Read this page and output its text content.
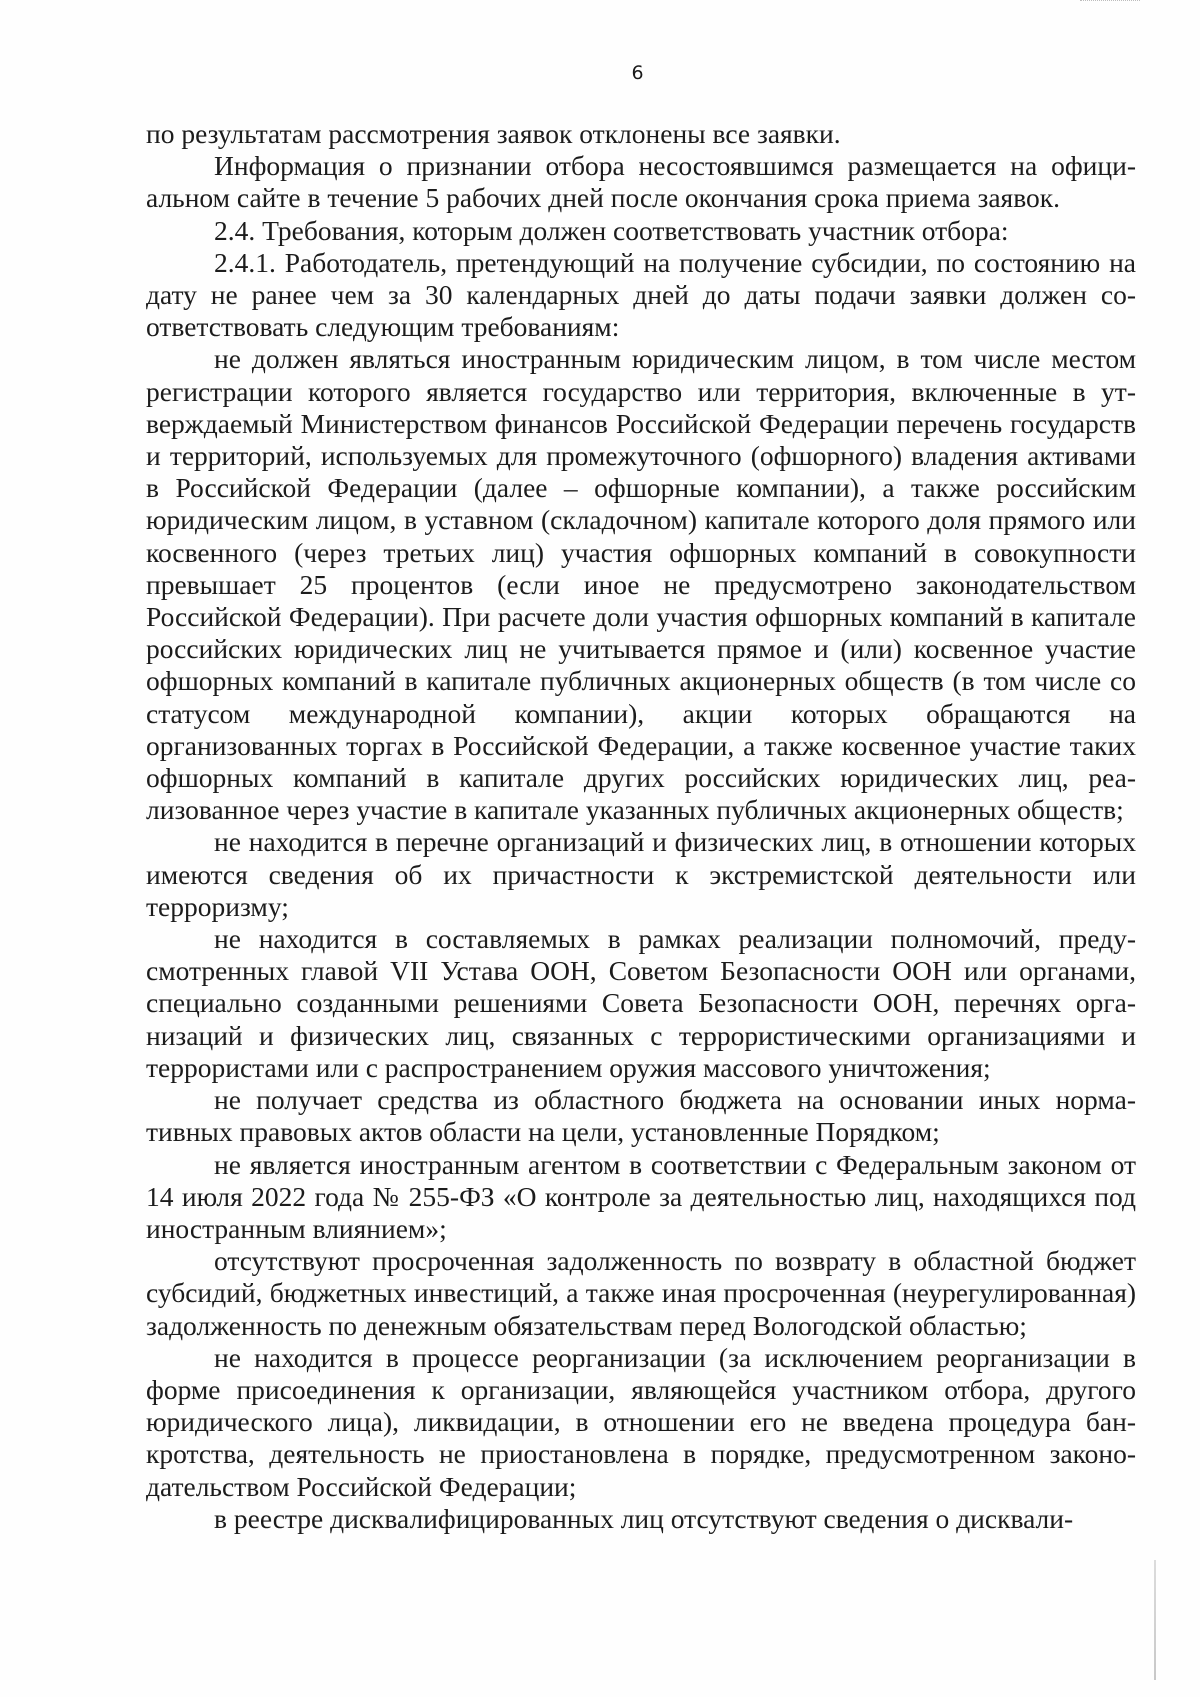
6

по результатам рассмотрения заявок отклонены все заявки.

Информация о признании отбора несостоявшимся размещается на официальном сайте в течение 5 рабочих дней после окончания срока приема заявок.

2.4. Требования, которым должен соответствовать участник отбора:

2.4.1. Работодатель, претендующий на получение субсидии, по состоянию на дату не ранее чем за 30 календарных дней до даты подачи заявки должен соответствовать следующим требованиям:

не должен являться иностранным юридическим лицом, в том числе местом регистрации которого является государство или территория, включенные в утверждаемый Министерством финансов Российской Федерации перечень государств и территорий, используемых для промежуточного (офшорного) владения активами в Российской Федерации (далее – офшорные компании), а также российским юридическим лицом, в уставном (складочном) капитале которого доля прямого или косвенного (через третьих лиц) участия офшорных компаний в совокупности превышает 25 процентов (если иное не предусмотрено законодательством Российской Федерации). При расчете доли участия офшорных компаний в капитале российских юридических лиц не учитывается прямое и (или) косвенное участие офшорных компаний в капитале публичных акционерных обществ (в том числе со статусом международной компании), акции которых обращаются на организованных торгах в Российской Федерации, а также косвенное участие таких офшорных компаний в капитале других российских юридических лиц, реализованное через участие в капитале указанных публичных акционерных обществ;

не находится в перечне организаций и физических лиц, в отношении которых имеются сведения об их причастности к экстремистской деятельности или терроризму;

не находится в составляемых в рамках реализации полномочий, предусмотренных главой VII Устава ООН, Советом Безопасности ООН или органами, специально созданными решениями Совета Безопасности ООН, перечнях организаций и физических лиц, связанных с террористическими организациями и террористами или с распространением оружия массового уничтожения;

не получает средства из областного бюджета на основании иных нормативных правовых актов области на цели, установленные Порядком;

не является иностранным агентом в соответствии с Федеральным законом от 14 июля 2022 года № 255-ФЗ «О контроле за деятельностью лиц, находящихся под иностранным влиянием»;

отсутствуют просроченная задолженность по возврату в областной бюджет субсидий, бюджетных инвестиций, а также иная просроченная (неурегулированная) задолженность по денежным обязательствам перед Вологодской областью;

не находится в процессе реорганизации (за исключением реорганизации в форме присоединения к организации, являющейся участником отбора, другого юридического лица), ликвидации, в отношении его не введена процедура банкротства, деятельность не приостановлена в порядке, предусмотренном законодательством Российской Федерации;

в реестре дисквалифицированных лиц отсутствуют сведения о дисквали-
